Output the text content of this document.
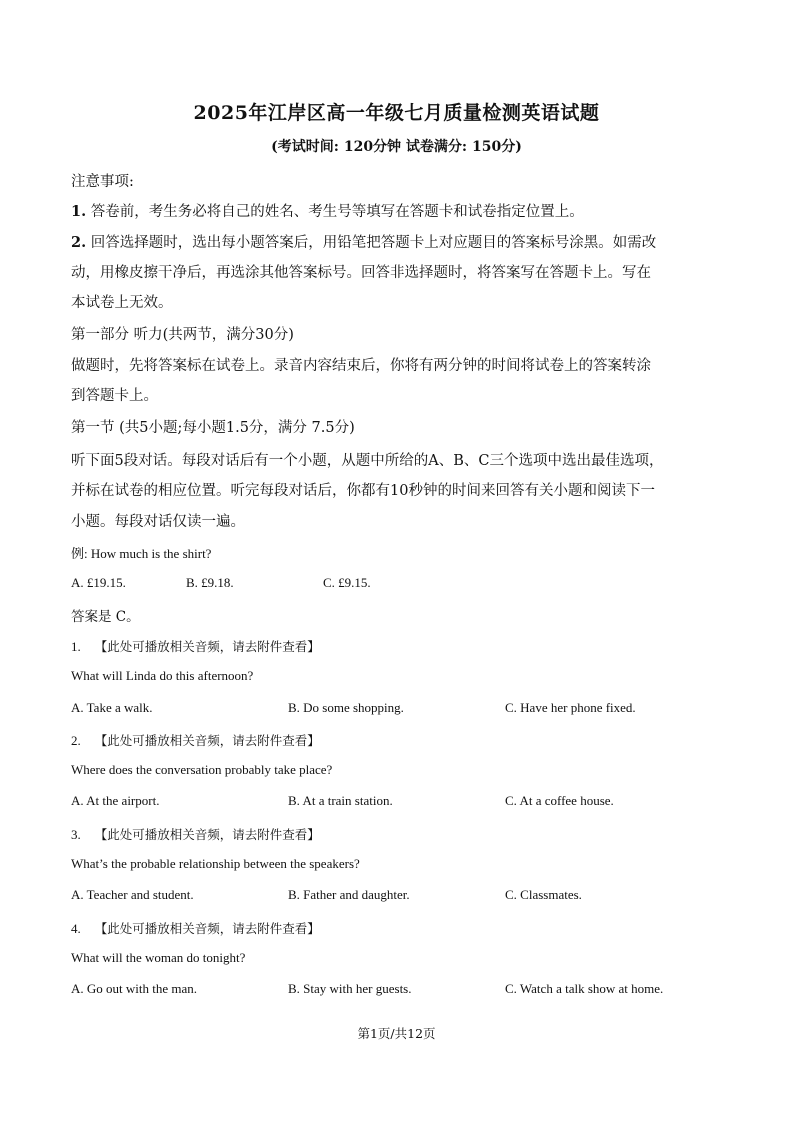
2025年江岸区高一年级七月质量检测英语试题
(考试时间: 120分钟 试卷满分: 150分)
注意事项:
1. 答卷前，考生务必将自己的姓名、考生号等填写在答题卡和试卷指定位置上。
2. 回答选择题时，选出每小题答案后，用铅笔把答题卡上对应题目的答案标号涂黑。如需改
动，用橡皮擦干净后，再选涂其他答案标号。回答非选择题时，将答案写在答题卡上。写在
本试卷上无效。
第一部分 听力(共两节，满分30分)
做题时，先将答案标在试卷上。录音内容结束后，你将有两分钟的时间将试卷上的答案转涂
到答题卡上。
第一节 (共5小题;每小题1.5分，满分 7.5分)
听下面5段对话。每段对话后有一个小题，从题中所给的A、B、C三个选项中选出最佳选项，
并标在试卷的相应位置。听完每段对话后，你都有10秒钟的时间来回答有关小题和阅读下一
小题。每段对话仅读一遍。
例: How much is the shirt?
A. £19.15.	B. £9.18.	C. £9.15.
答案是 C。
1. 【此处可播放相关音频，请去附件查看】
What will Linda do this afternoon?
A. Take a walk.	B. Do some shopping.	C. Have her phone fixed.
2. 【此处可播放相关音频，请去附件查看】
Where does the conversation probably take place?
A. At the airport.	B. At a train station.	C. At a coffee house.
3. 【此处可播放相关音频，请去附件查看】
What’s the probable relationship between the speakers?
A. Teacher and student.	B. Father and daughter.	C. Classmates.
4. 【此处可播放相关音频，请去附件查看】
What will the woman do tonight?
A. Go out with the man.	B. Stay with her guests.	C. Watch a talk show at home.
第1页/共12页
